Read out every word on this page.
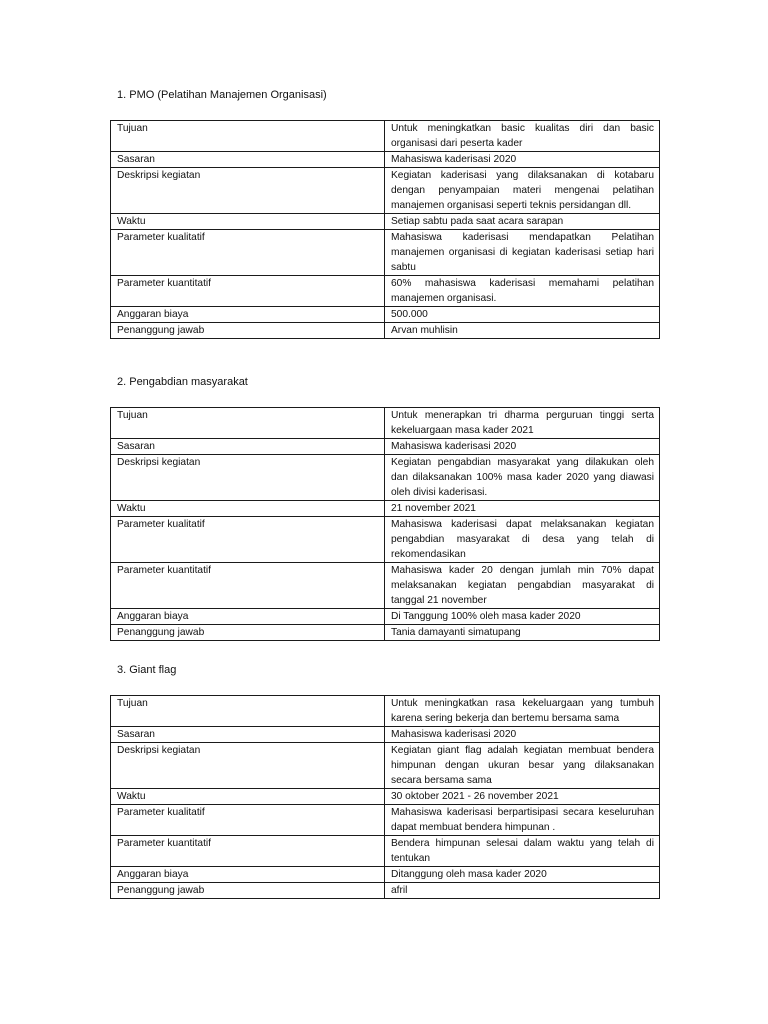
1. PMO (Pelatihan Manajemen Organisasi)

Tujuan	Untuk meningkatkan basic kualitas diri dan basic organisasi dari peserta kader
Sasaran	Mahasiswa kaderisasi 2020
Deskripsi kegiatan	Kegiatan kaderisasi yang dilaksanakan di kotabaru dengan penyampaian materi mengenai pelatihan manajemen organisasi seperti teknis persidangan dll.
Waktu	Setiap sabtu pada saat acara sarapan
Parameter kualitatif	Mahasiswa kaderisasi mendapatkan Pelatihan manajemen organisasi di kegiatan kaderisasi setiap hari sabtu
Parameter kuantitatif	60% mahasiswa kaderisasi memahami pelatihan manajemen organisasi.
Anggaran biaya	500.000
Penanggung jawab	Arvan muhlisin

2. Pengabdian masyarakat

Tujuan	Untuk menerapkan tri dharma perguruan tinggi serta kekeluargaan masa kader 2021
Sasaran	Mahasiswa kaderisasi 2020
Deskripsi kegiatan	Kegiatan pengabdian masyarakat yang dilakukan oleh dan dilaksanakan 100% masa kader 2020 yang diawasi oleh divisi kaderisasi.
Waktu	21 november 2021
Parameter kualitatif	Mahasiswa kaderisasi dapat melaksanakan kegiatan pengabdian masyarakat di desa yang telah di rekomendasikan
Parameter kuantitatif	Mahasiswa kader 20 dengan jumlah min 70% dapat melaksanakan kegiatan pengabdian masyarakat di tanggal 21 november
Anggaran biaya	Di Tanggung 100% oleh masa kader 2020
Penanggung jawab	Tania damayanti simatupang

3. Giant flag

Tujuan	Untuk meningkatkan rasa kekeluargaan yang tumbuh karena sering bekerja dan bertemu bersama sama
Sasaran	Mahasiswa kaderisasi 2020
Deskripsi kegiatan	Kegiatan giant flag adalah kegiatan membuat bendera himpunan dengan ukuran besar yang dilaksanakan secara bersama sama
Waktu	30 oktober 2021 - 26 november 2021
Parameter kualitatif	Mahasiswa kaderisasi berpartisipasi secara keseluruhan dapat membuat bendera himpunan .
Parameter kuantitatif	Bendera himpunan selesai dalam waktu yang telah di tentukan
Anggaran biaya	Ditanggung oleh masa kader 2020
Penanggung jawab	afril
